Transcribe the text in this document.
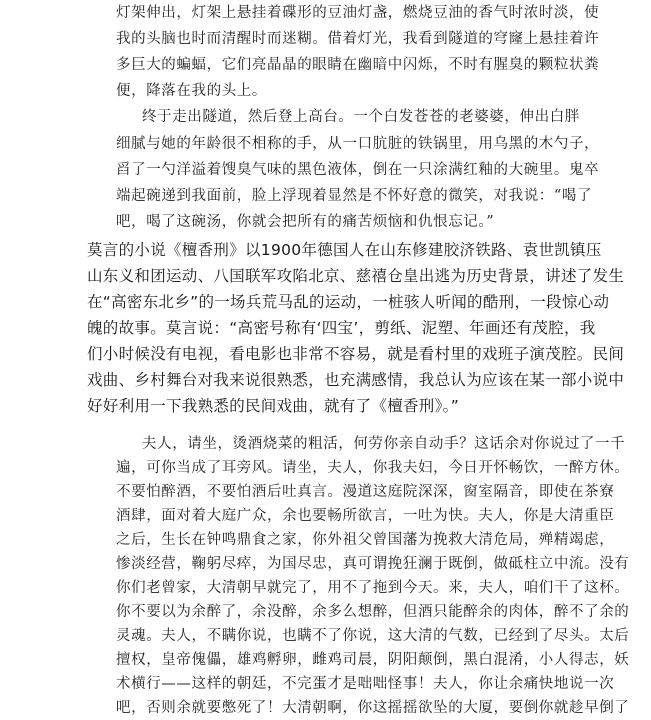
灯架伸出，灯架上悬挂着碟形的豆油灯盏，燃烧豆油的香气时浓时淡，使

我的头脑也时而清醒时而迷糊。借着灯光，我看到隧道的穹窿上悬挂着许

多巨大的蝙蝠，它们亮晶晶的眼睛在幽暗中闪烁，不时有腥臭的颗粒状粪

便，降落在我的头上。

终于走出隧道，然后登上高台。一个白发苍苍的老婆婆，伸出白胖

细腻与她的年龄很不相称的手，从一口肮脏的铁锅里，用乌黑的木勺子，

舀了一勺洋溢着馊臭气味的黑色液体，倒在一只涂满红釉的大碗里。鬼卒

端起碗递到我面前，脸上浮现着显然是不怀好意的微笑，对我说：“喝了

吧，喝了这碗汤，你就会把所有的痛苦烦恼和仇恨忘记。”

莫言的小说《檀香刑》以1900年德国人在山东修建胶济铁路、袁世凯镇压

山东义和团运动、八国联军攻陷北京、慈禧仓皇出逃为历史背景，讲述了发生

在“高密东北乡”的一场兵荒马乱的运动，一桩骇人听闻的酷刑，一段惊心动

魄的故事。莫言说：“高密号称有‘四宝’，剪纸、泥塑、年画还有茂腔，我

们小时候没有电视，看电影也非常不容易，就是看村里的戏班子演茂腔。民间

戏曲、乡村舞台对我来说很熟悉，也充满感情，我总认为应该在某一部小说中

好好利用一下我熟悉的民间戏曲，就有了《檀香刑》。”

夫人，请坐，烫酒烧菜的粗活，何劳你亲自动手？这话余对你说过了一千

遍，可你当成了耳旁风。请坐，夫人，你我夫妇，今日开怀畅饮，一醉方休。

不要怕醉酒，不要怕酒后吐真言。漫道这庭院深深，窗室隔音，即使在茶寮

酒肆，面对着大庭广众，余也要畅所欲言，一吐为快。夫人，你是大清重臣

之后，生长在钟鸣鼎食之家，你外祖父曾国藩为挽救大清危局，殚精竭虑，

惨淡经营，鞠躬尽瘁，为国尽忠，真可谓挽狂澜于既倒，做砥柱立中流。没有

你们老曾家，大清朝早就完了，用不了拖到今天。来，夫人，咱们干了这杯。

你不要以为余醉了，余没醉，余多么想醉，但酒只能醉余的肉体，醉不了余的

灵魂。夫人，不瞒你说，也瞒不了你说，这大清的气数，已经到了尽头。太后

擅权，皇帝傀儡，雄鸡孵卵，雌鸡司晨，阴阳颠倒，黑白混淆，小人得志，妖

术横行——这样的朝廷，不完蛋才是咄咄怪事！夫人，你让余痛快地说一次

吧，否则余就要憋死了！大清朝啊，你这摇摇欲坠的大厦，要倒你就趁早倒了
